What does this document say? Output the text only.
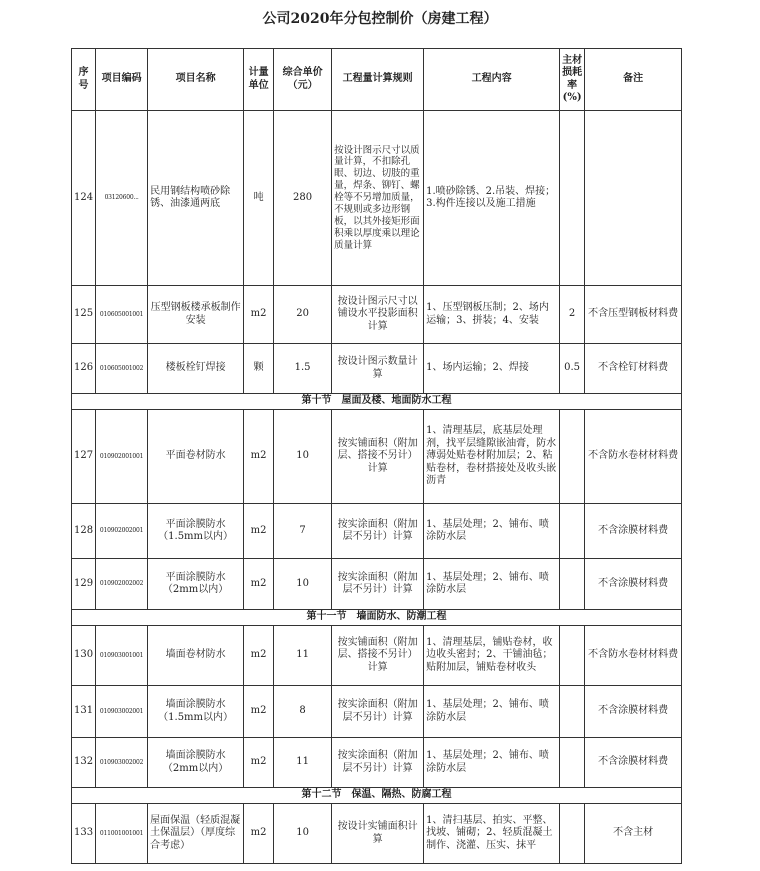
公司2020年分包控制价（房建工程）
序号	项目编码	项目名称	计量单位	综合单价（元）	工程量计算规则	工程内容	主材损耗率(%)	备注
124	03120600...	民用钢结构喷砂除锈、油漆通两底	吨	280	按设计图示尺寸以质量计算，不扣除孔眼、切边、切肢的重量，焊条、铆钉、螺栓等不另增加质量，不规则或多边形钢板，以其外接矩形面积乘以厚度乘以理论质量计算	1.喷砂除锈、2.吊装、焊接；3.构件连接以及施工措施		
125	010605001001	压型钢板楼承板制作安装	m2	20	按设计图示尺寸以铺设水平投影面积计算	1、压型钢板压制；2、场内运输；3、拼装；4、安装	2	不含压型钢板材料费
126	010605001002	楼板栓钉焊接	颗	1.5	按设计图示数量计算	1、场内运输；2、焊接	0.5	不含栓钉材料费
第十节　屋面及楼、地面防水工程								
127	010902001001	平面卷材防水	m2	10	按实铺面积（附加层、搭接不另计）计算	1、清理基层，底基层处理剂，找平层缝隙嵌油膏，防水薄弱处贴卷材附加层；2、粘贴卷材，卷材搭接处及收头嵌沥青		不含防水卷材材料费
128	010902002001	平面涂膜防水（1.5mm以内）	m2	7	按实涂面积（附加层不另计）计算	1、基层处理；2、铺布、喷涂防水层		不含涂膜材料费
129	010902002002	平面涂膜防水（2mm以内）	m2	10	按实涂面积（附加层不另计）计算	1、基层处理；2、铺布、喷涂防水层		不含涂膜材料费
第十一节　墙面防水、防潮工程								
130	010903001001	墙面卷材防水	m2	11	按实铺面积（附加层、搭接不另计）计算	1、清理基层，铺贴卷材，收边收头密封；2、干铺油毡；贴附加层，铺贴卷材收头		不含防水卷材材料费
131	010903002001	墙面涂膜防水（1.5mm以内）	m2	8	按实涂面积（附加层不另计）计算	1、基层处理；2、铺布、喷涂防水层		不含涂膜材料费
132	010903002002	墙面涂膜防水（2mm以内）	m2	11	按实涂面积（附加层不另计）计算	1、基层处理；2、铺布、喷涂防水层		不含涂膜材料费
第十二节　保温、隔热、防腐工程								
133	011001001001	屋面保温（轻质混凝土保温层）（厚度综合考虑）	m2	10	按设计实铺面积计算	1、清扫基层、拍实、平整、找坡、铺砌；2、轻质混凝土制作、浇灌、压实、抹平		不含主材
